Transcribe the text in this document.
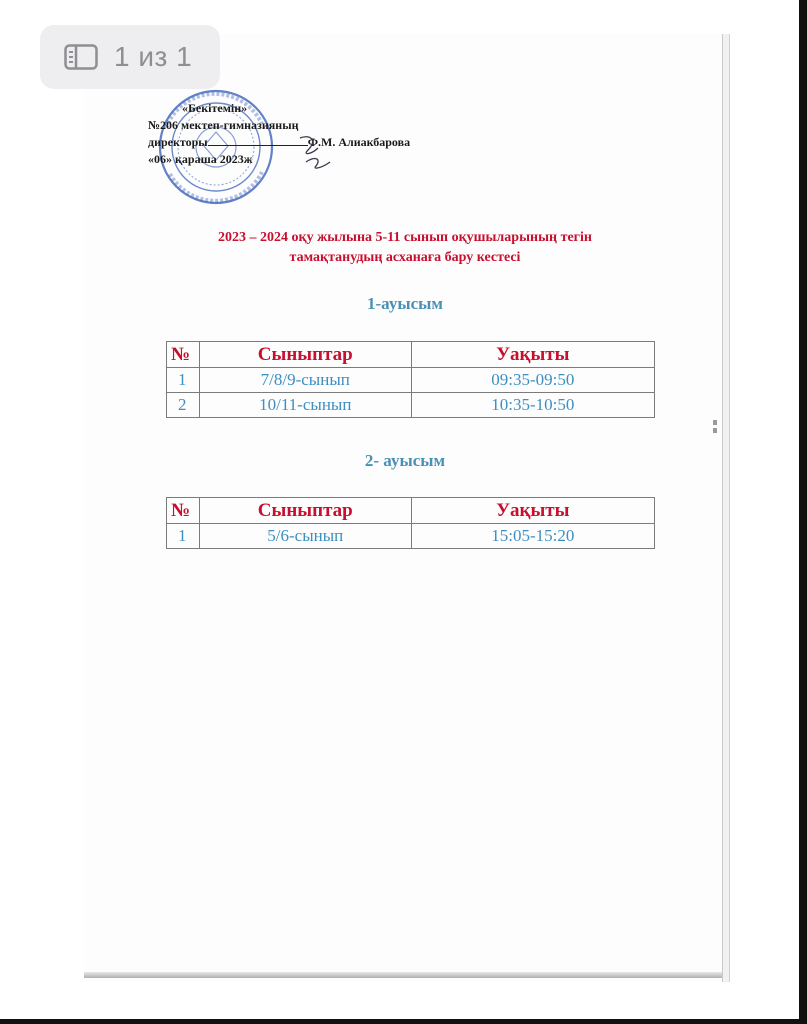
1 из 1
«Бекітемін»
№206 мектеп-гимназияның
директоры	Ф.М. Алиакбарова
«06» қараша 2023ж
2023 – 2024 оқу жылына 5-11 сынып оқушыларының тегін
тамақтанудың асханаға бару кестесі
1-ауысым
№	Сыныптар	Уақыты
1	7/8/9-сынып	09:35-09:50
2	10/11-сынып	10:35-10:50
2- ауысым
№	Сыныптар	Уақыты
1	5/6-сынып	15:05-15:20
